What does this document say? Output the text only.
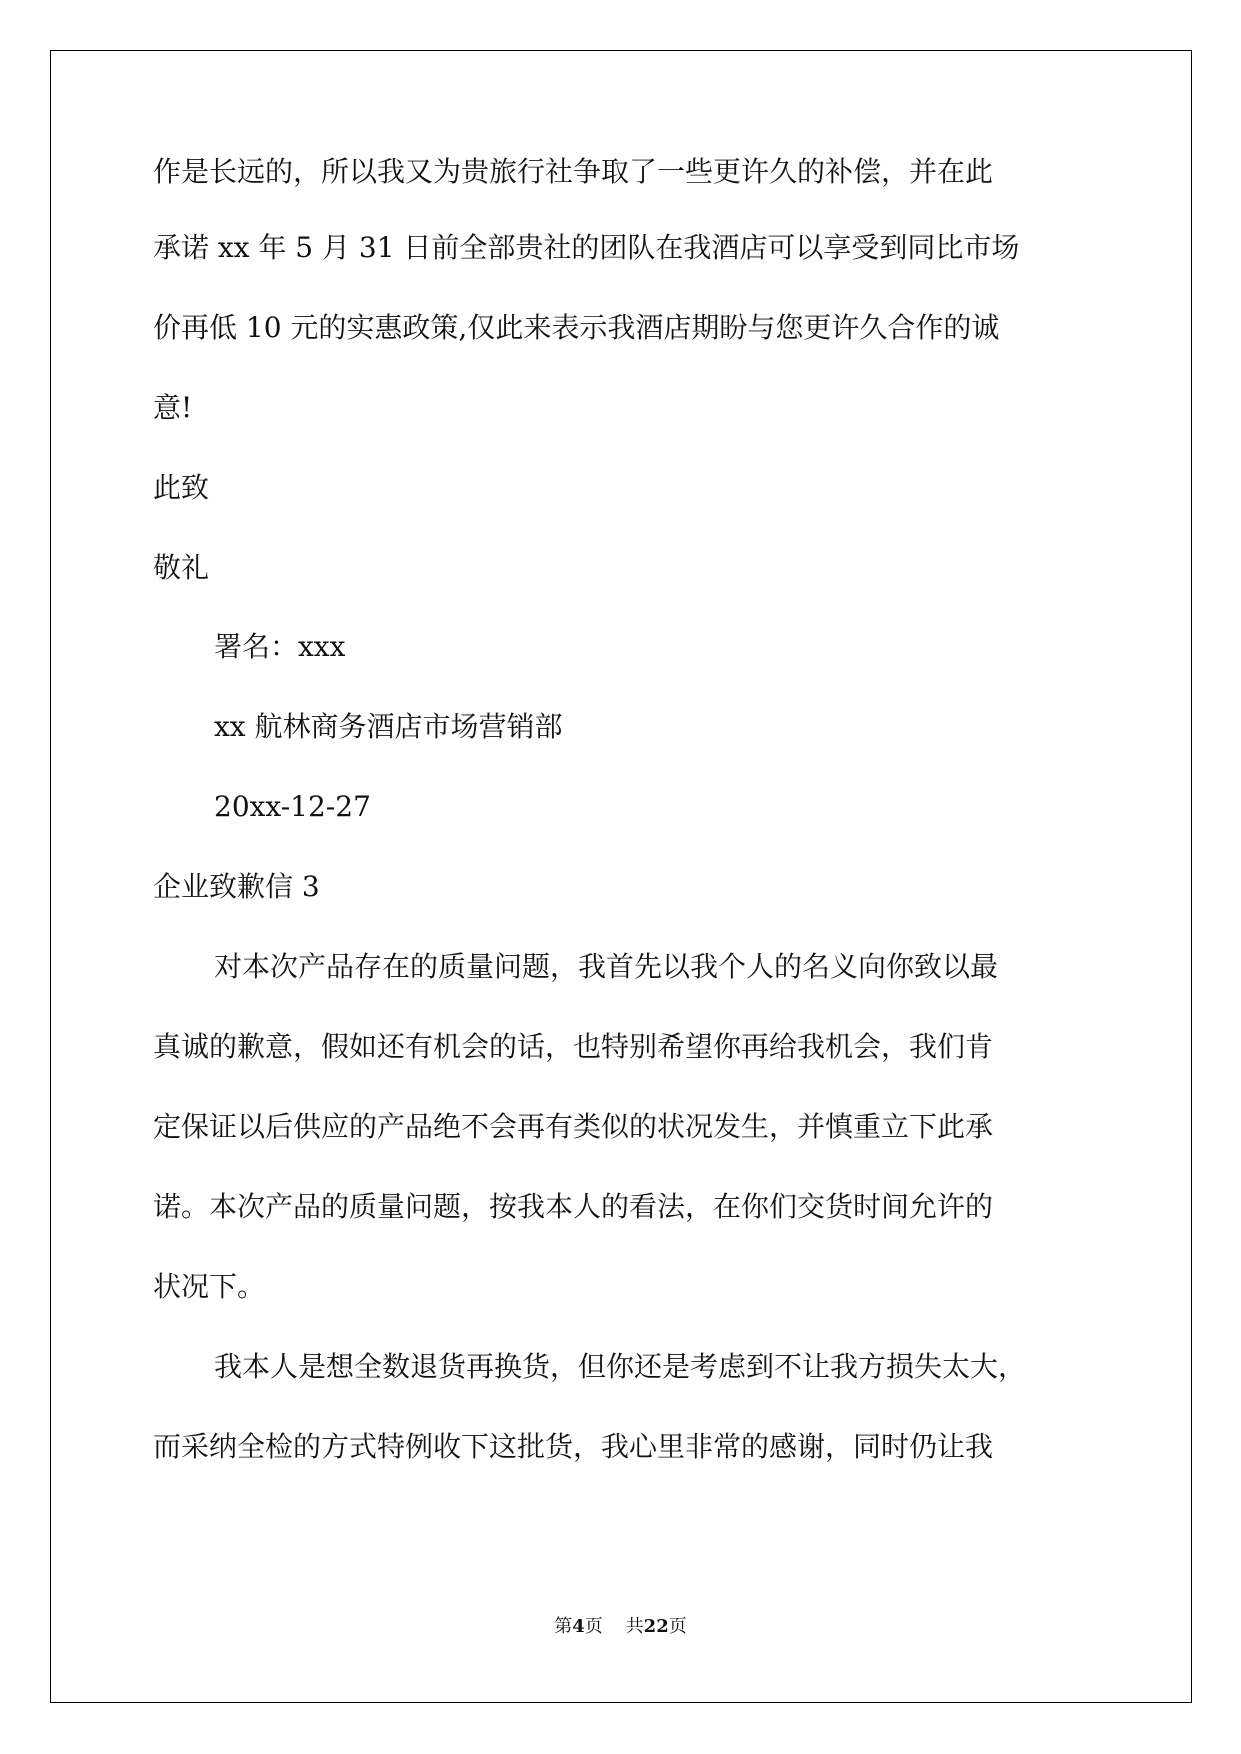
作是长远的，所以我又为贵旅行社争取了一些更许久的补偿，并在此

承诺 xx 年 5 月 31 日前全部贵社的团队在我酒店可以享受到同比市场

价再低 10 元的实惠政策,仅此来表示我酒店期盼与您更许久合作的诚

意!

此致

敬礼

署名：xxx

xx 航林商务酒店市场营销部

20xx-12-27

企业致歉信 3

对本次产品存在的质量问题，我首先以我个人的名义向你致以最

真诚的歉意，假如还有机会的话，也特别希望你再给我机会，我们肯

定保证以后供应的产品绝不会再有类似的状况发生，并慎重立下此承

诺。本次产品的质量问题，按我本人的看法，在你们交货时间允许的

状况下。

我本人是想全数退货再换货，但你还是考虑到不让我方损失太大，

而采纳全检的方式特例收下这批货，我心里非常的感谢，同时仍让我

第4页 共22页
